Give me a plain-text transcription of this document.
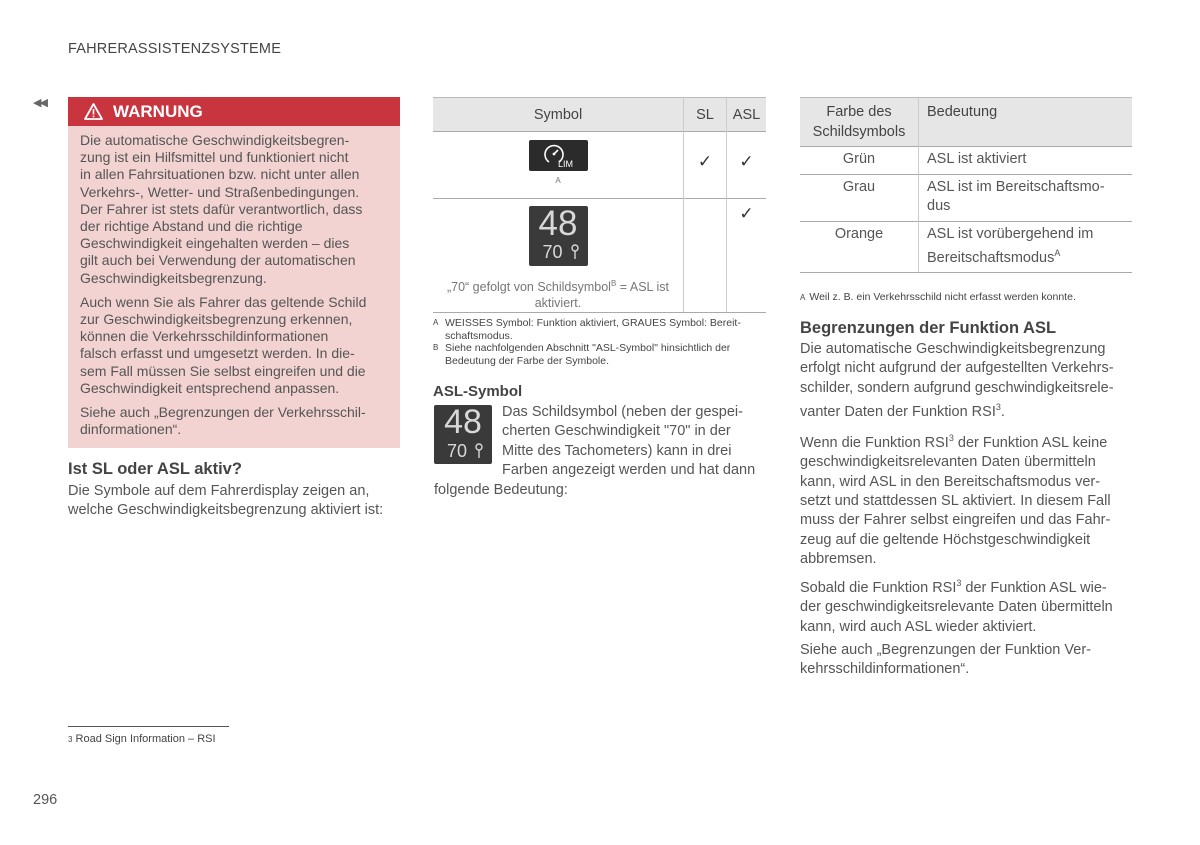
FAHRERASSISTENZSYSTEME
◀◀	WARNUNG

Die automatische Geschwindigkeitsbegren-
zung ist ein Hilfsmittel und funktioniert nicht
in allen Fahrsituationen bzw. nicht unter allen
Verkehrs-, Wetter- und Straßenbedingungen.
Der Fahrer ist stets dafür verantwortlich, dass
der richtige Abstand und die richtige
Geschwindigkeit eingehalten werden – dies
gilt auch bei Verwendung der automatischen
Geschwindigkeitsbegrenzung.

Auch wenn Sie als Fahrer das geltende Schild
zur Geschwindigkeitsbegrenzung erkennen,
können die Verkehrsschildinformationen
falsch erfasst und umgesetzt werden. In die-
sem Fall müssen Sie selbst eingreifen und die
Geschwindigkeit entsprechend anpassen.

Siehe auch „Begrenzungen der Verkehrsschil-
dinformationen“.

Ist SL oder ASL aktiv?
Die Symbole auf dem Fahrerdisplay zeigen an,
welche Geschwindigkeitsbegrenzung aktiviert ist:
Symbol	SL	ASL

LIM
A	✓	✓

48
70
„70“ gefolgt von Schildsymbol$^B$ = ASL ist aktiviert.		✓
A WEISSES Symbol: Funktion aktiviert, GRAUES Symbol: Bereit-
schaftsmodus.
B Siehe nachfolgenden Abschnitt "ASL-Symbol" hinsichtlich der
Bedeutung der Farbe der Symbole.
ASL-Symbol
48
70
Das Schildsymbol (neben der gespei-
cherten Geschwindigkeit "70" in der
Mitte des Tachometers) kann in drei
Farben angezeigt werden und hat dann
folgende Bedeutung:
Farbe des Schildsymbols	Bedeutung
Grün	ASL ist aktiviert
Grau	ASL ist im Bereitschaftsmo-
dus
Orange	ASL ist vorübergehend im
Bereitschaftsmodus$^A$
A Weil z. B. ein Verkehrsschild nicht erfasst werden konnte.
Begrenzungen der Funktion ASL
Die automatische Geschwindigkeitsbegrenzung
erfolgt nicht aufgrund der aufgestellten Verkehrs-
schilder, sondern aufgrund geschwindigkeitsrele-
vanter Daten der Funktion RSI$^3$.
Wenn die Funktion RSI$^3$ der Funktion ASL keine
geschwindigkeitsrelevanten Daten übermitteln
kann, wird ASL in den Bereitschaftsmodus ver-
setzt und stattdessen SL aktiviert. In diesem Fall
muss der Fahrer selbst eingreifen und das Fahr-
zeug auf die geltende Höchstgeschwindigkeit
abbremsen.
Sobald die Funktion RSI$^3$ der Funktion ASL wie-
der geschwindigkeitsrelevante Daten übermitteln
kann, wird auch ASL wieder aktiviert.
Siehe auch „Begrenzungen der Funktion Ver-
kehrsschildinformationen“.
3 Road Sign Information – RSI
296
